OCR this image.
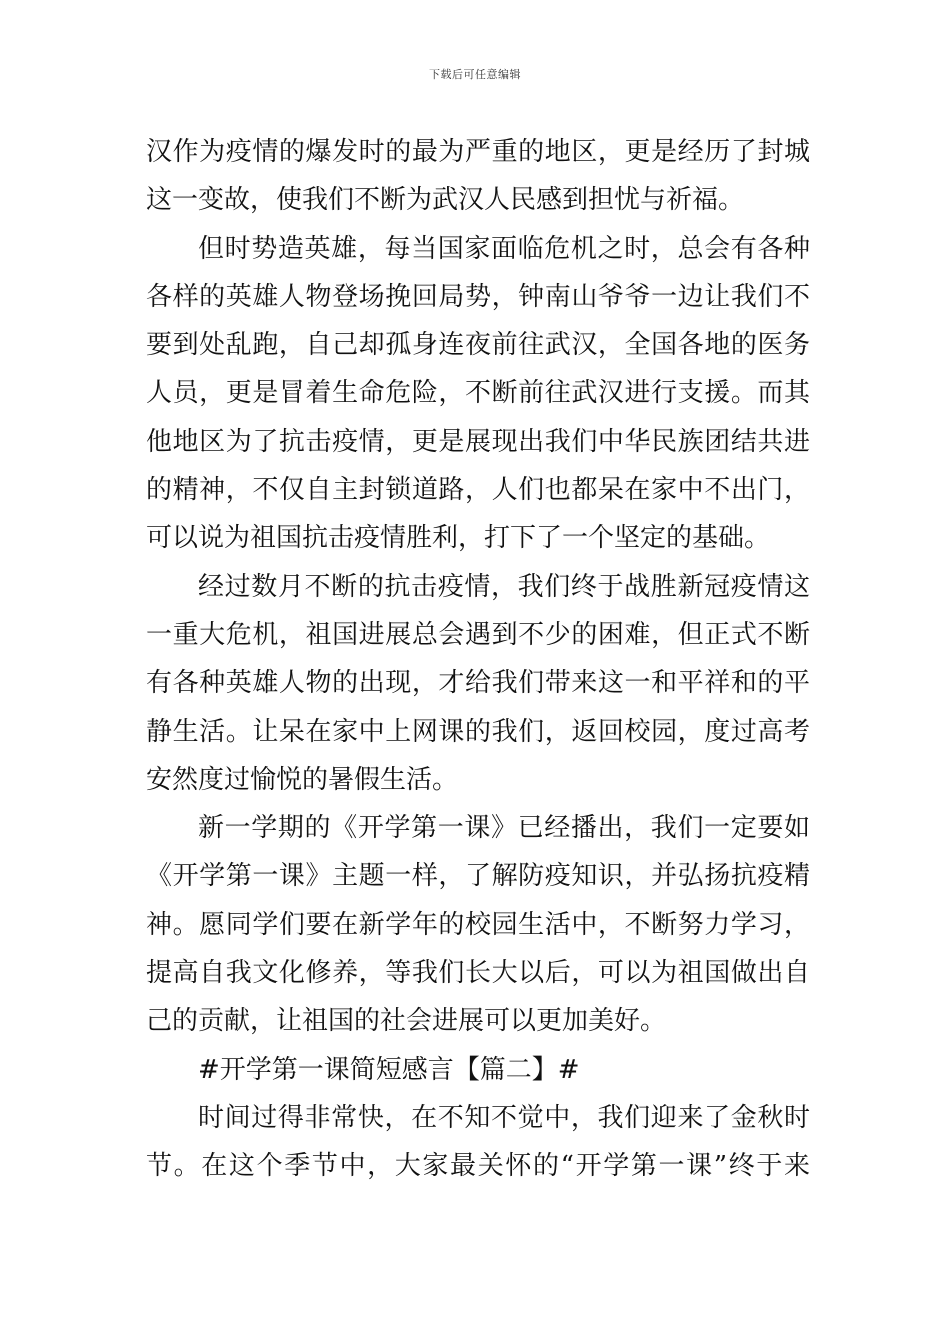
下载后可任意编辑
汉作为疫情的爆发时的最为严重的地区，更是经历了封城
这一变故，使我们不断为武汉人民感到担忧与祈福。
但时势造英雄，每当国家面临危机之时，总会有各种
各样的英雄人物登场挽回局势，钟南山爷爷一边让我们不
要到处乱跑，自己却孤身连夜前往武汉，全国各地的医务
人员，更是冒着生命危险，不断前往武汉进行支援。而其
他地区为了抗击疫情，更是展现出我们中华民族团结共进
的精神，不仅自主封锁道路，人们也都呆在家中不出门，
可以说为祖国抗击疫情胜利，打下了一个坚定的基础。
经过数月不断的抗击疫情，我们终于战胜新冠疫情这
一重大危机，祖国进展总会遇到不少的困难，但正式不断
有各种英雄人物的出现，才给我们带来这一和平祥和的平
静生活。让呆在家中上网课的我们，返回校园，度过高考
安然度过愉悦的暑假生活。
新一学期的《开学第一课》已经播出，我们一定要如
《开学第一课》主题一样，了解防疫知识，并弘扬抗疫精
神。愿同学们要在新学年的校园生活中，不断努力学习，
提高自我文化修养，等我们长大以后，可以为祖国做出自
己的贡献，让祖国的社会进展可以更加美好。
#开学第一课简短感言【篇二】#
时间过得非常快，在不知不觉中，我们迎来了金秋时
节。在这个季节中，大家最关怀的“开学第一课”终于来
